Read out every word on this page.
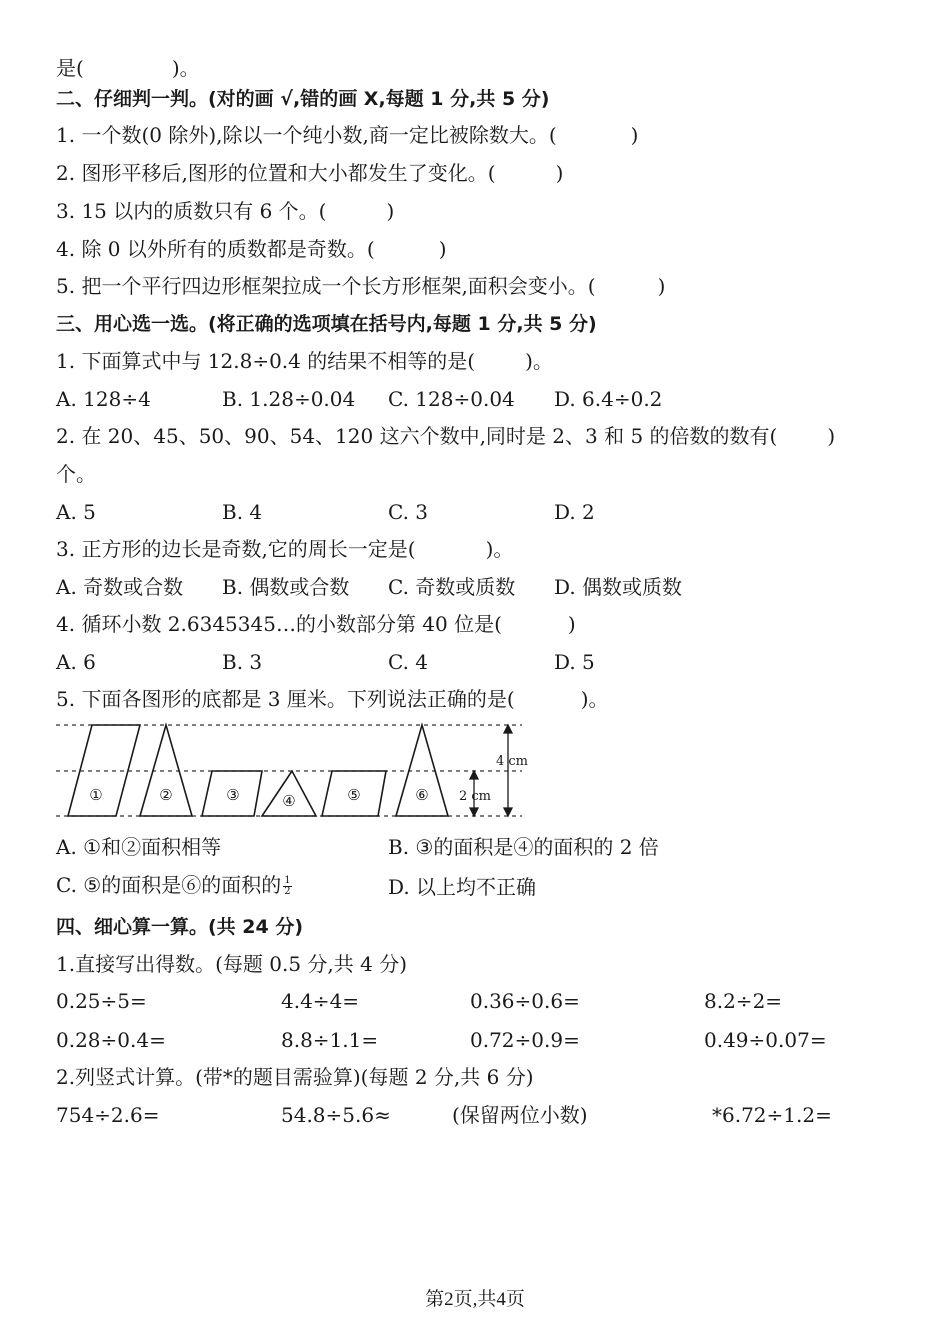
是(	)。
二、仔细判一判。(对的画 √,错的画 X,每题 1 分,共 5 分)
1. 一个数(0 除外),除以一个纯小数,商一定比被除数大。(	)
2. 图形平移后,图形的位置和大小都发生了变化。(	)
3. 15 以内的质数只有 6 个。(	)
4. 除 0 以外所有的质数都是奇数。(	)
5. 把一个平行四边形框架拉成一个长方形框架,面积会变小。(	)
三、用心选一选。(将正确的选项填在括号内,每题 1 分,共 5 分)
1. 下面算式中与 12.8÷0.4 的结果不相等的是(	)。
A. 128÷4	B. 1.28÷0.04 C. 128÷0.04 D. 6.4÷0.2
2. 在 20、45、50、90、54、120 这六个数中,同时是 2、3 和 5 的倍数的数有(	)
个。
A. 5	B. 4	C. 3	D. 2
3. 正方形的边长是奇数,它的周长一定是(	)。
A. 奇数或合数 B. 偶数或合数 C. 奇数或质数 D. 偶数或质数
4. 循环小数 2.6345345…的小数部分第 40 位是(	)
A. 6	B. 3	C. 4	D. 5
5. 下面各图形的底都是 3 厘米。下列说法正确的是(	)。
①	②	③	④	⑤	⑥
4 cm
2 cm
A. ①和②面积相等	B. ③的面积是④的面积的 2 倍
C. ⑤的面积是⑥的面积的 $\frac{1}{2}$	D. 以上均不正确
四、细心算一算。(共 24 分)
1.直接写出得数。(每题 0.5 分,共 4 分)
0.25÷5=	4.4÷4=	0.36÷0.6=	8.2÷2=
0.28÷0.4=	8.8÷1.1=	0.72÷0.9=	0.49÷0.07=
2.列竖式计算。(带*的题目需验算)(每题 2 分,共 6 分)
754÷2.6=	54.8÷5.6≈	(保留两位小数)	*6.72÷1.2=
第2页,共4页
